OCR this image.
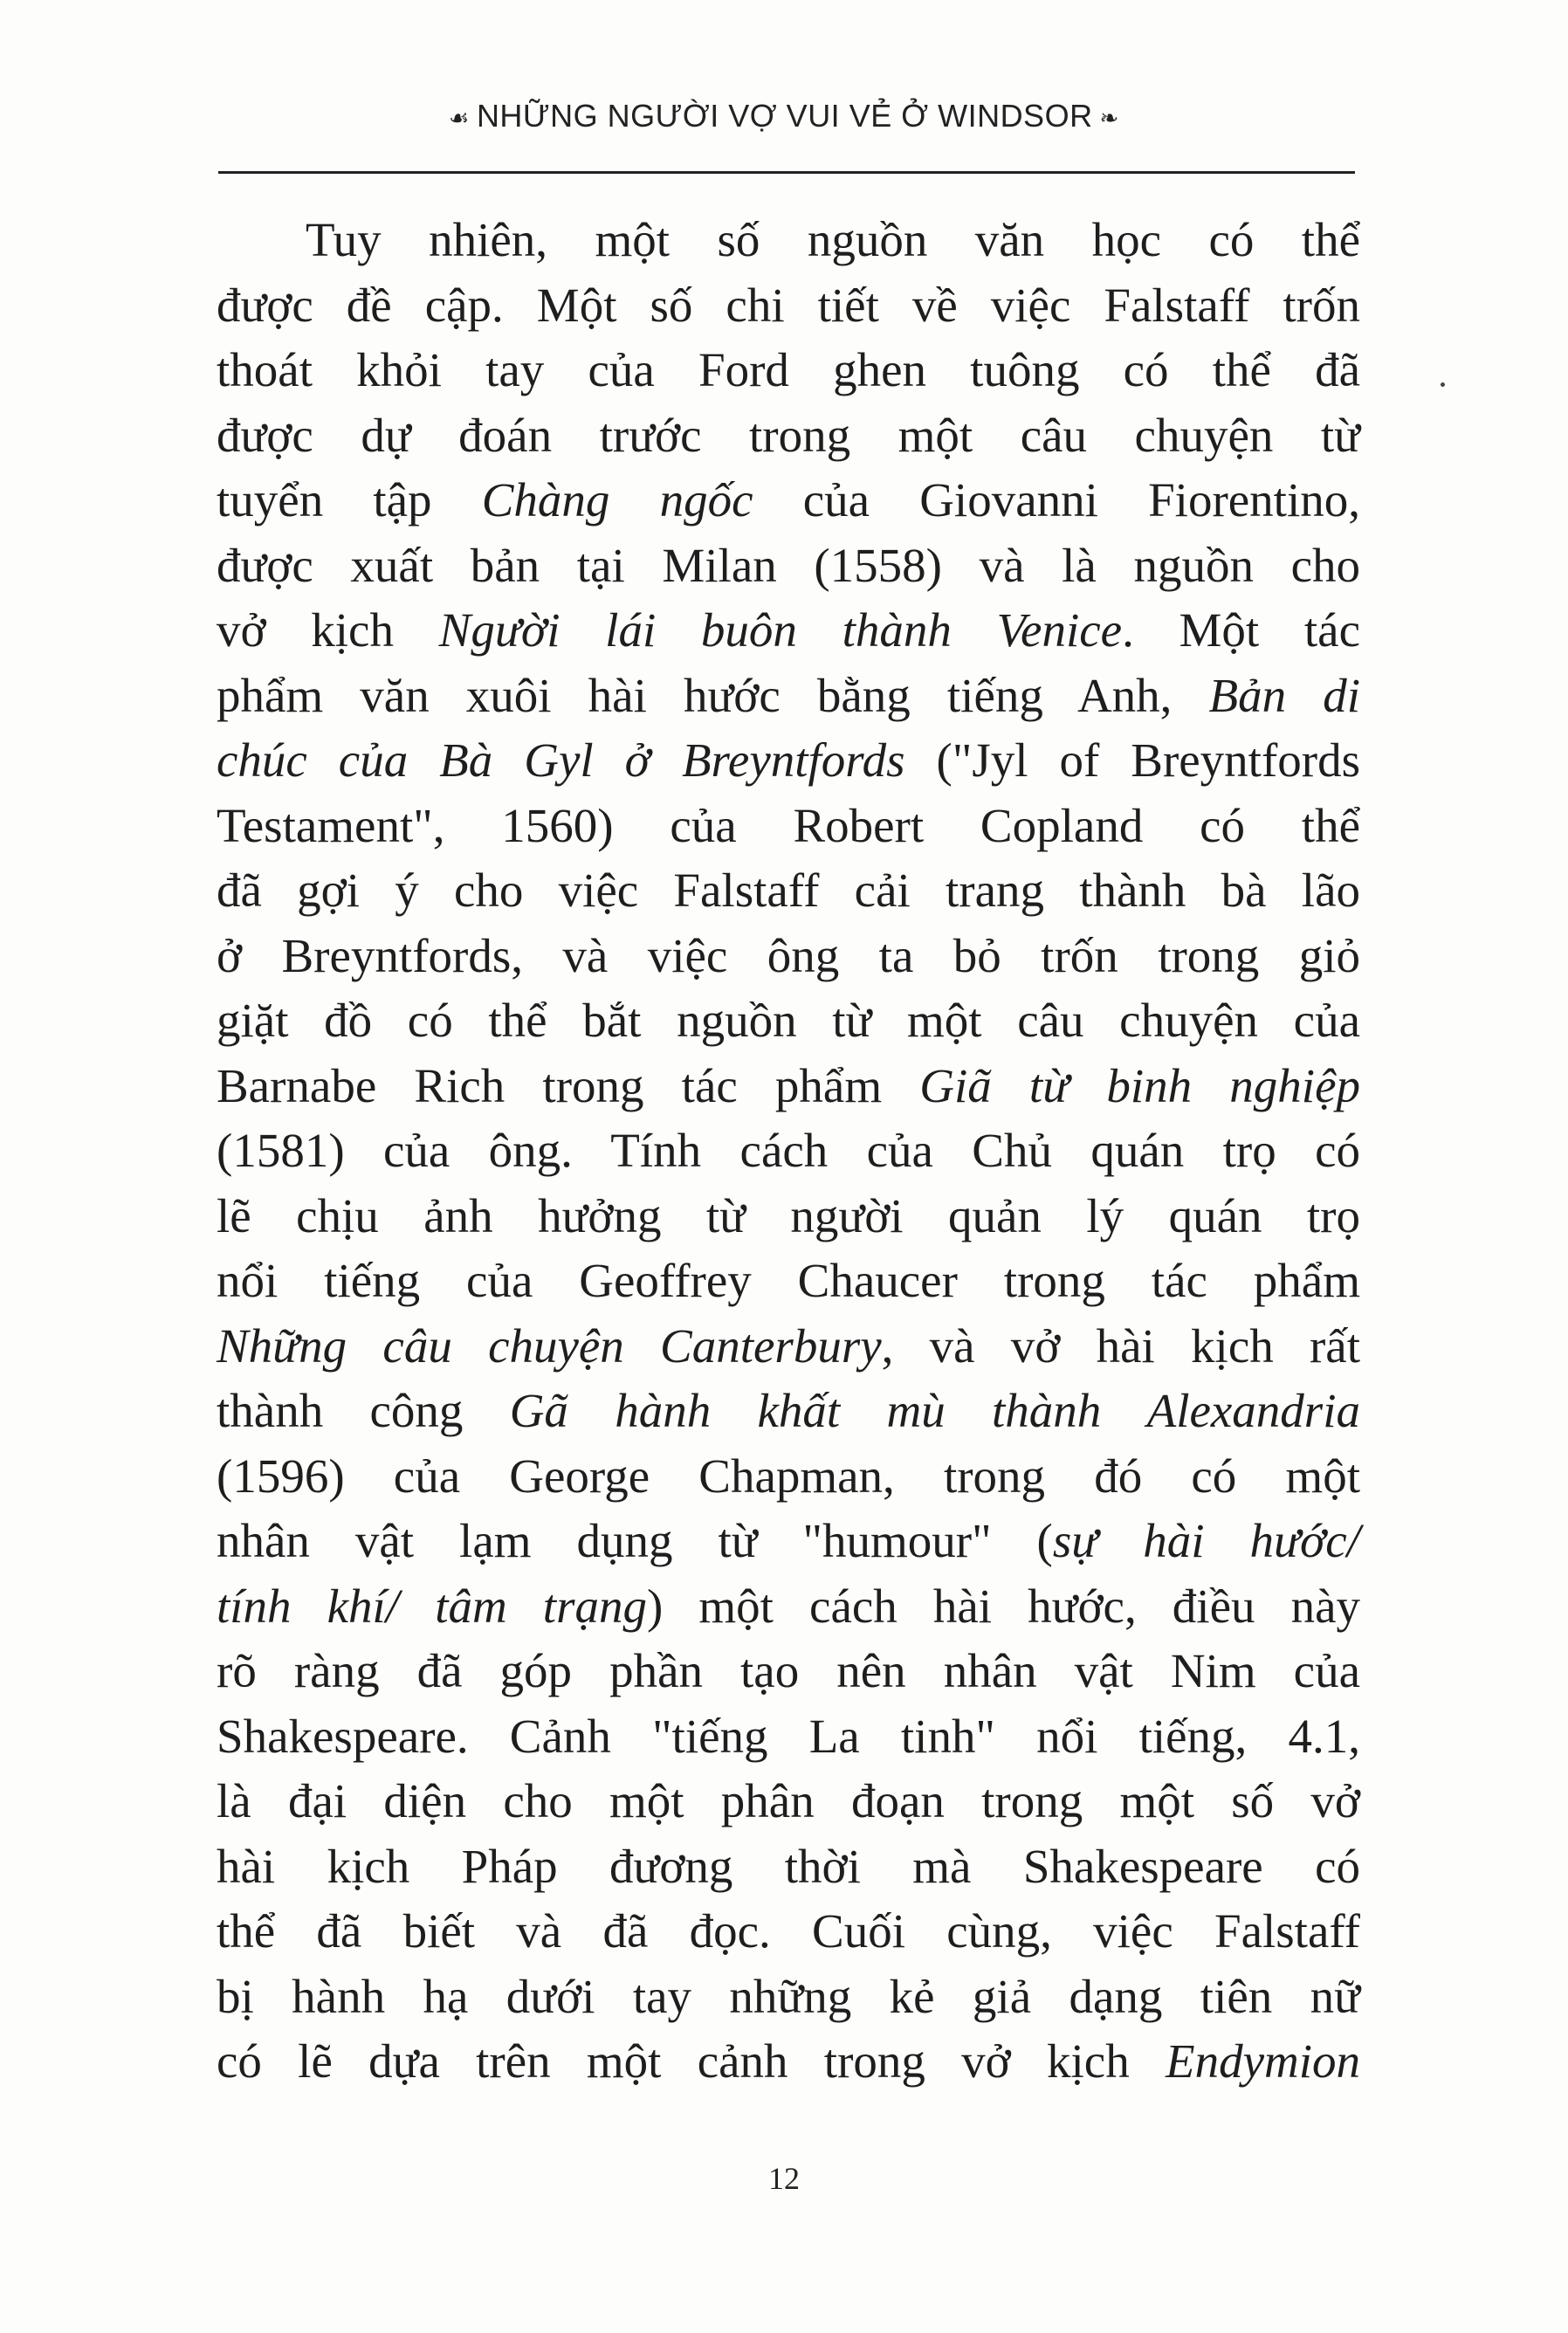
☙ NHỮNG NGƯỜI VỢ VUI VẺ Ở WINDSOR ❧
Tuy nhiên, một số nguồn văn học có thể
được đề cập. Một số chi tiết về việc Falstaff trốn
thoát khỏi tay của Ford ghen tuông có thể đã
được dự đoán trước trong một câu chuyện từ
tuyển tập Chàng ngốc của Giovanni Fiorentino,
được xuất bản tại Milan (1558) và là nguồn cho
vở kịch Người lái buôn thành Venice. Một tác
phẩm văn xuôi hài hước bằng tiếng Anh, Bản di
chúc của Bà Gyl ở Breyntfords ("Jyl of Breyntfords
Testament", 1560) của Robert Copland có thể
đã gợi ý cho việc Falstaff cải trang thành bà lão
ở Breyntfords, và việc ông ta bỏ trốn trong giỏ
giặt đồ có thể bắt nguồn từ một câu chuyện của
Barnabe Rich trong tác phẩm Giã từ binh nghiệp
(1581) của ông. Tính cách của Chủ quán trọ có
lẽ chịu ảnh hưởng từ người quản lý quán trọ
nổi tiếng của Geoffrey Chaucer trong tác phẩm
Những câu chuyện Canterbury, và vở hài kịch rất
thành công Gã hành khất mù thành Alexandria
(1596) của George Chapman, trong đó có một
nhân vật lạm dụng từ "humour" (sự hài hước/
tính khí/ tâm trạng) một cách hài hước, điều này
rõ ràng đã góp phần tạo nên nhân vật Nim của
Shakespeare. Cảnh "tiếng La tinh" nổi tiếng, 4.1,
là đại diện cho một phân đoạn trong một số vở
hài kịch Pháp đương thời mà Shakespeare có
thể đã biết và đã đọc. Cuối cùng, việc Falstaff
bị hành hạ dưới tay những kẻ giả dạng tiên nữ
có lẽ dựa trên một cảnh trong vở kịch Endymion
12
